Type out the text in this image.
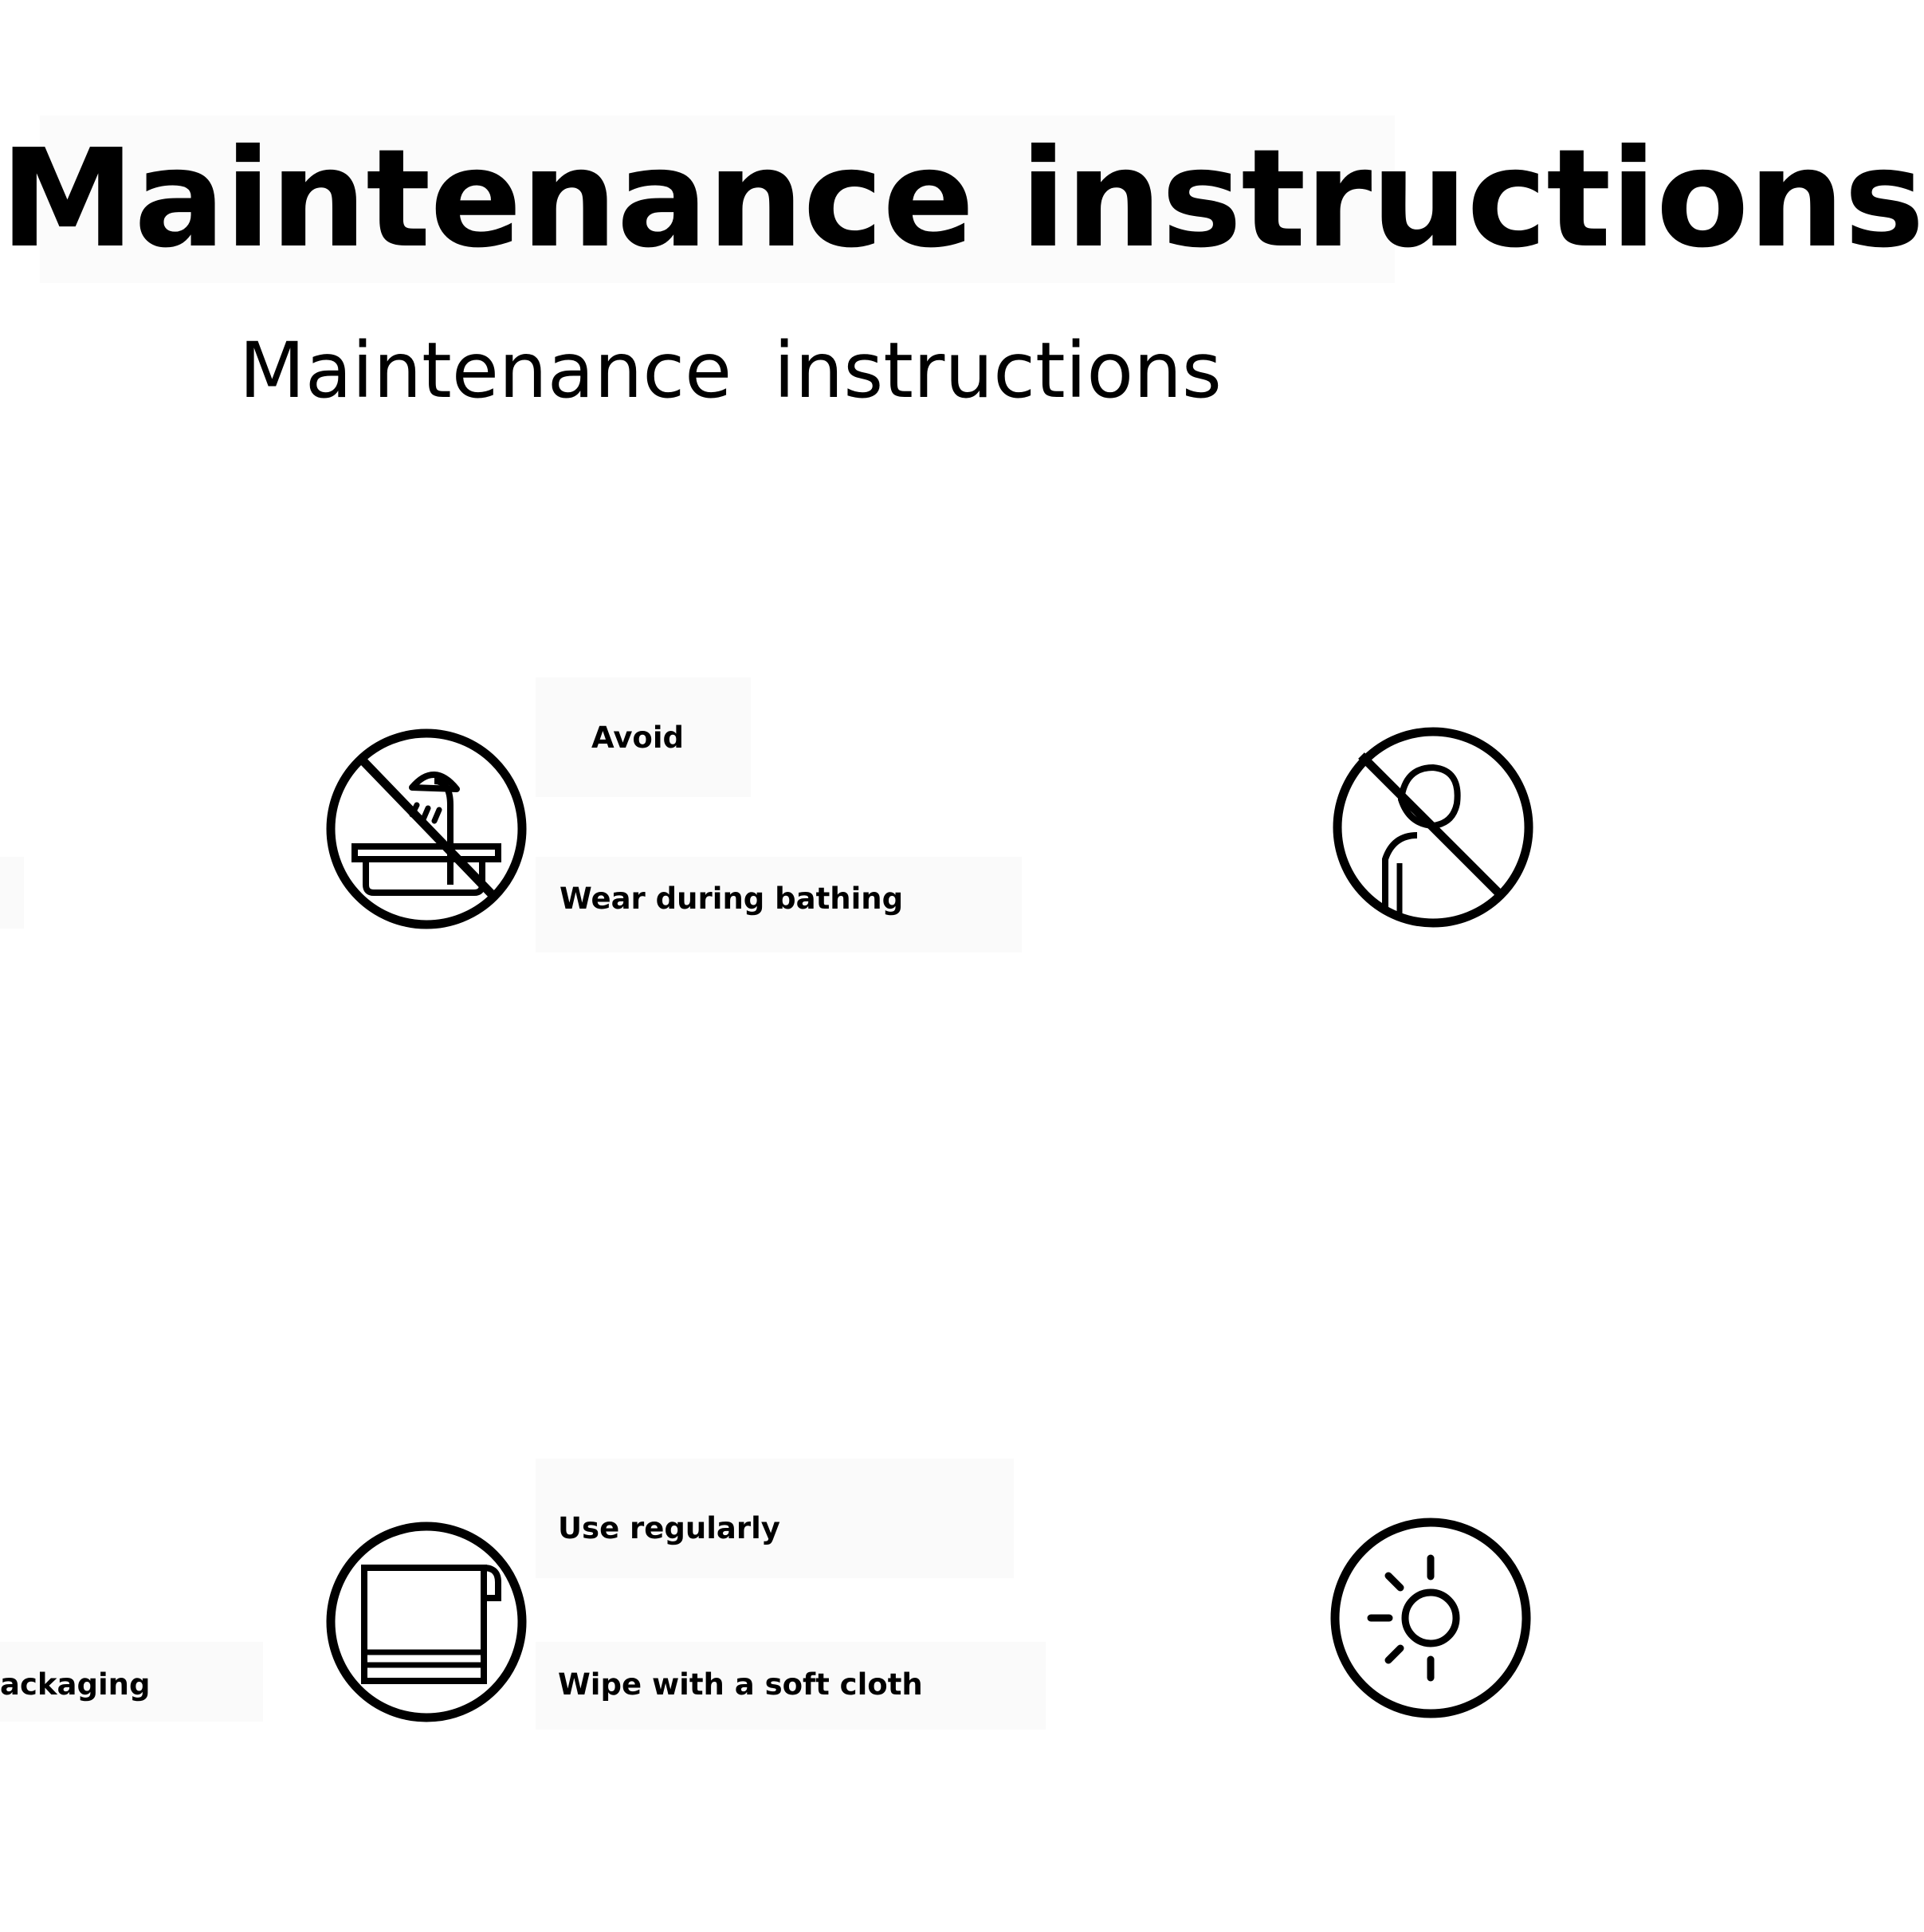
Maintenance instructions
Maintenance instructions
Avoid
Wear during bathing
Use regularly
Wipe with a soft cloth
ackaging
